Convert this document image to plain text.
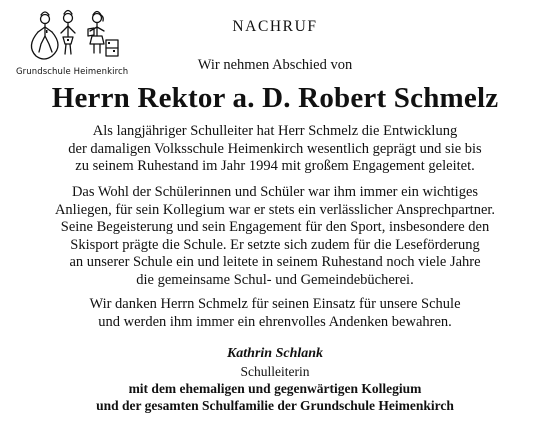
Grundschule Heimenkirch
NACHRUF
Wir nehmen Abschied von
Herrn Rektor a. D. Robert Schmelz

Als langjähriger Schulleiter hat Herr Schmelz die Entwicklung
der damaligen Volksschule Heimenkirch wesentlich geprägt und sie bis
zu seinem Ruhestand im Jahr 1994 mit großem Engagement geleitet.

Das Wohl der Schülerinnen und Schüler war ihm immer ein wichtiges
Anliegen, für sein Kollegium war er stets ein verlässlicher Ansprechpartner.
Seine Begeisterung und sein Engagement für den Sport, insbesondere den
Skisport prägte die Schule. Er setzte sich zudem für die Leseförderung
an unserer Schule ein und leitete in seinem Ruhestand noch viele Jahre
die gemeinsame Schul- und Gemeindebücherei.

Wir danken Herrn Schmelz für seinen Einsatz für unsere Schule
und werden ihm immer ein ehrenvolles Andenken bewahren.

Kathrin Schlank
Schulleiterin
mit dem ehemaligen und gegenwärtigen Kollegium
und der gesamten Schulfamilie der Grundschule Heimenkirch
